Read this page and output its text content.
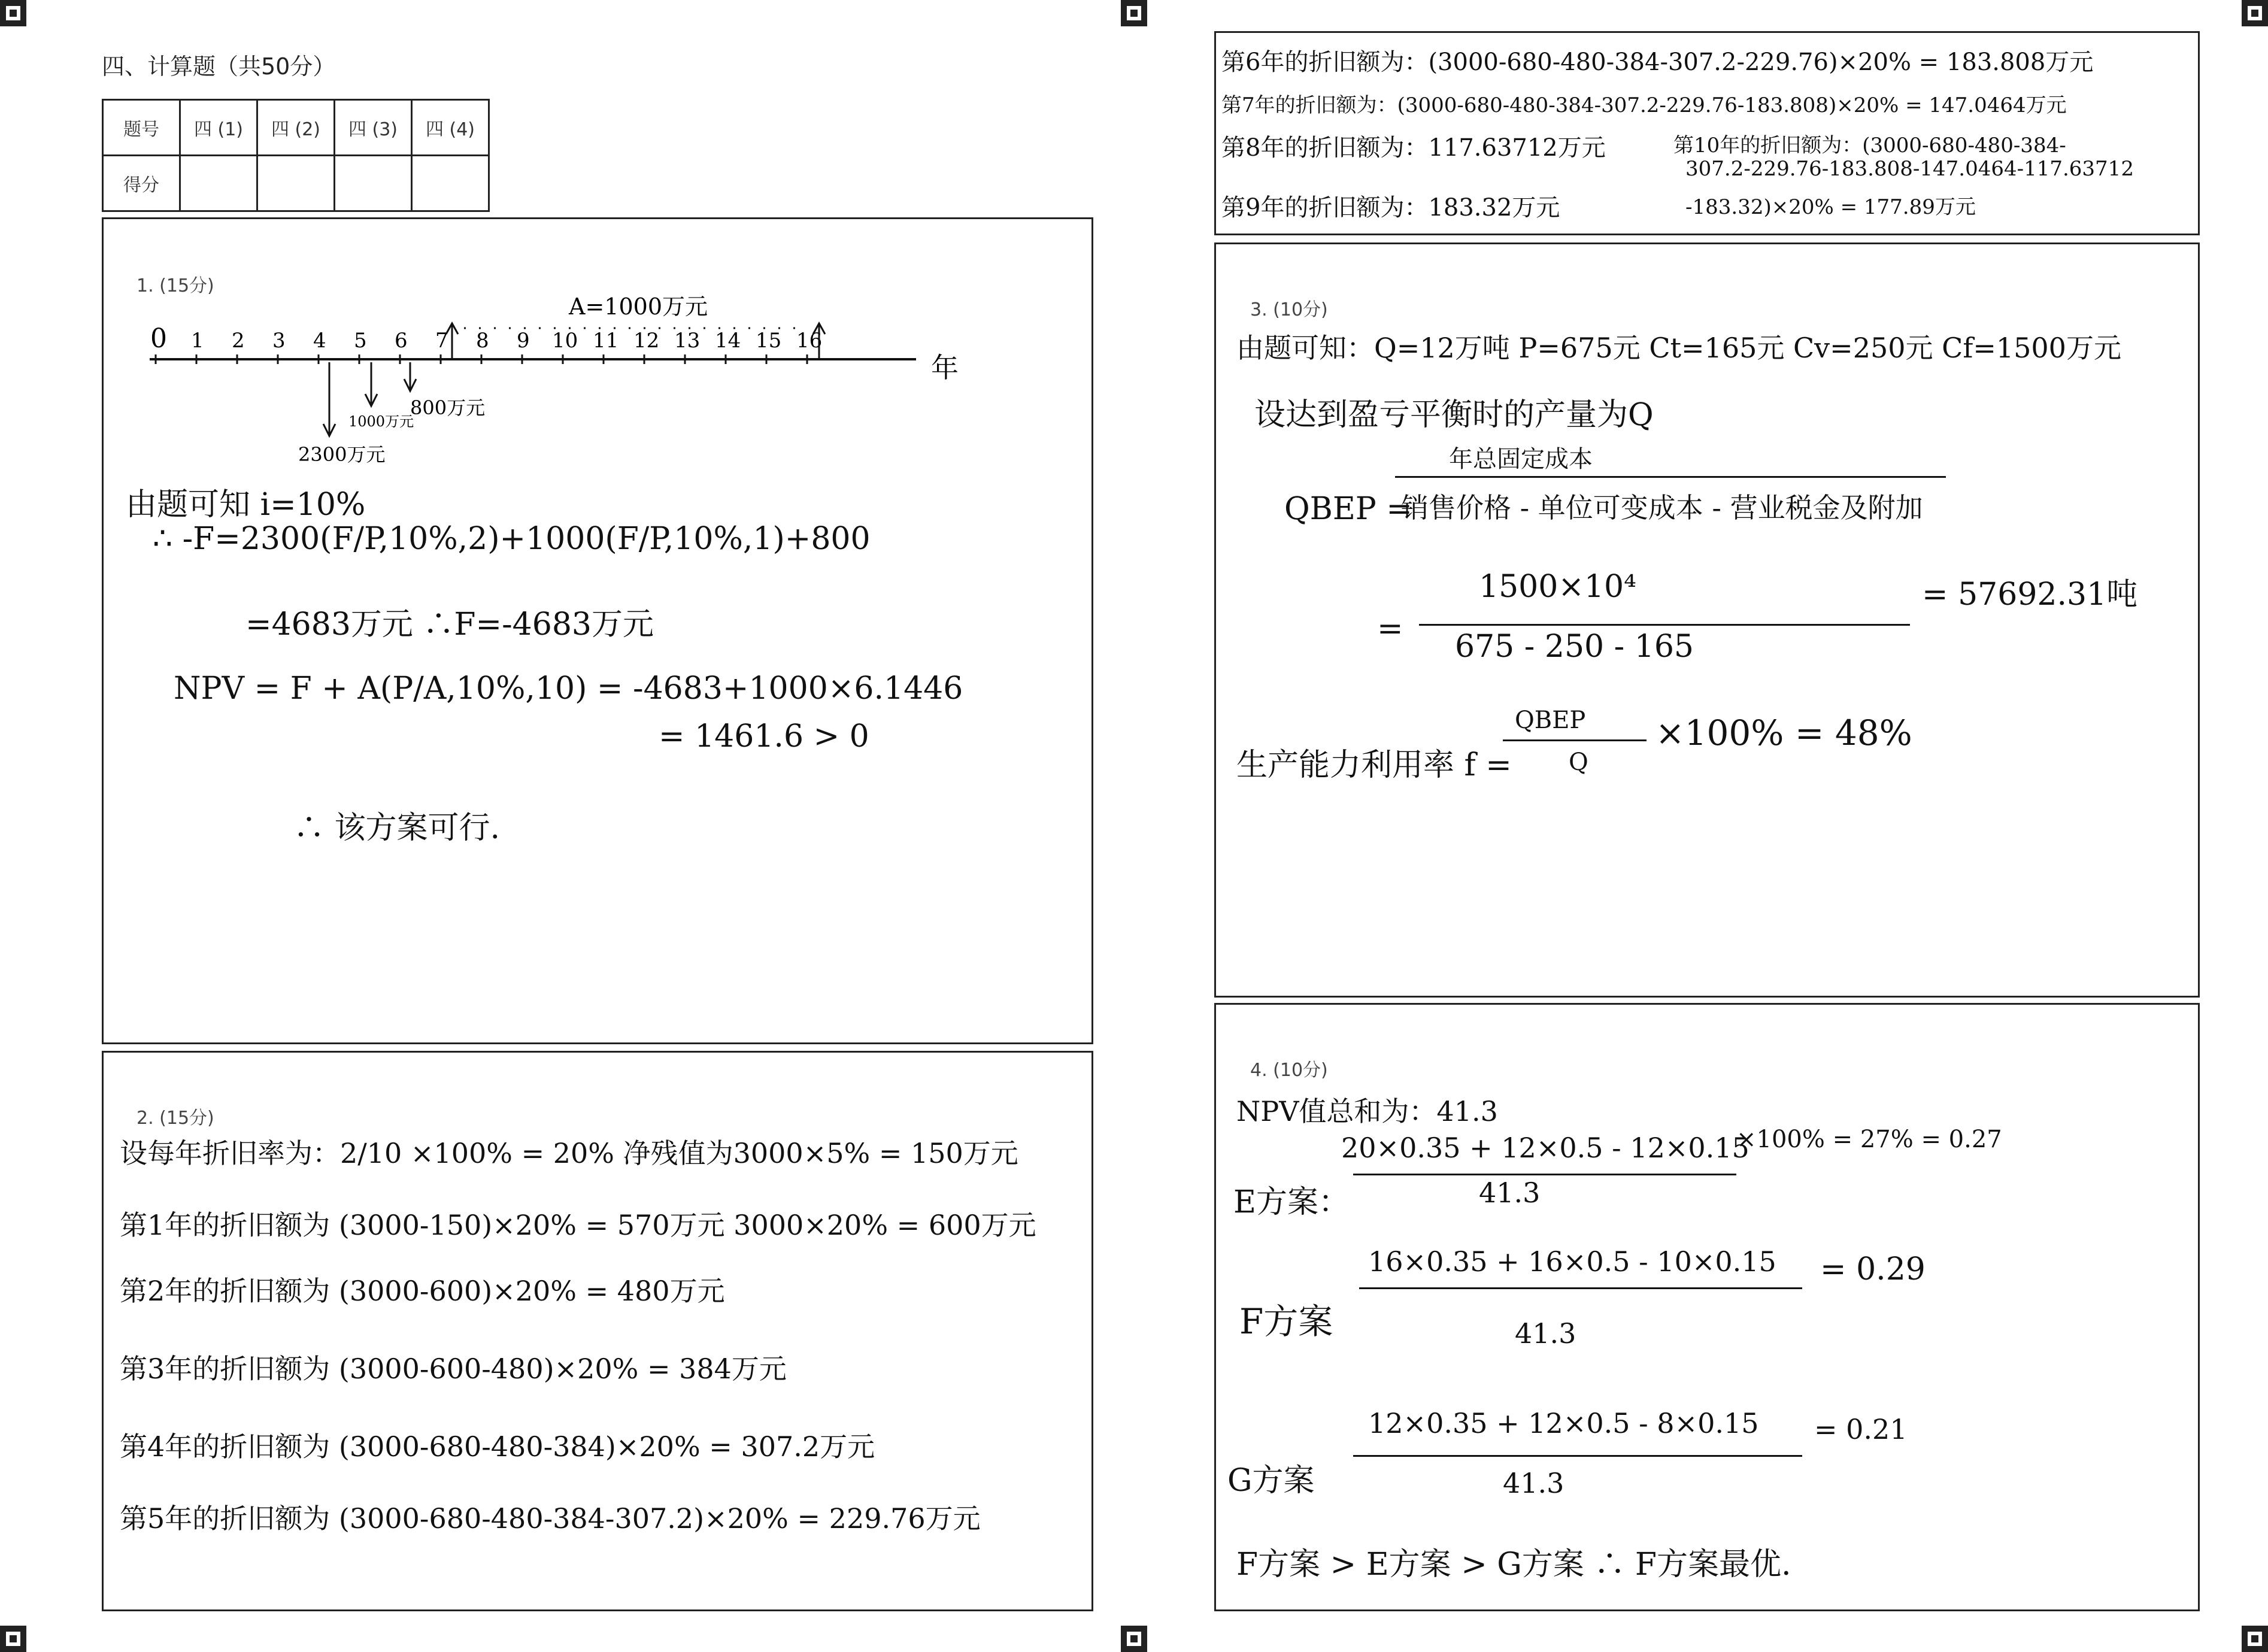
四、计算题（共50分）
题号	四 (1)	四 (2)	四 (3)	四 (4)
得分				
1. (15分)
0 1 2 3 4 5 6 7 8 9 10 11 12 13 14 15 16
A=1000万元
年
2300万元
1000万元
800万元
由题可知 i=10%
∴ -F=2300(F/P,10%,2)+1000(F/P,10%,1)+800
=4683万元 ∴F=-4683万元
NPV = F + A(P/A,10%,10) = -4683+1000×6.1446
= 1461.6 > 0
∴ 该方案可行.
2. (15分)
设每年折旧率为：2/10 ×100% = 20% 净残值为3000×5% = 150万元
第1年的折旧额为 (3000-150)×20% = 570万元 3000×20% = 600万元
第2年的折旧额为 (3000-600)×20% = 480万元
第3年的折旧额为 (3000-600-480)×20% = 384万元
第4年的折旧额为 (3000-680-480-384)×20% = 307.2万元
第5年的折旧额为 (3000-680-480-384-307.2)×20% = 229.76万元
第6年的折旧额为：(3000-680-480-384-307.2-229.76)×20% = 183.808万元
第7年的折旧额为：(3000-680-480-384-307.2-229.76-183.808)×20% = 147.0464万元
第8年的折旧额为：117.63712万元
第9年的折旧额为：183.32万元
第10年的折旧额为：(3000-680-480-384-
307.2-229.76-183.808-147.0464-117.63712
-183.32)×20% = 177.89万元
3. (10分)
由题可知：Q=12万吨 P=675元 Ct=165元 Cv=250元 Cf=1500万元
设达到盈亏平衡时的产量为Q
年总固定成本
QBEP =
销售价格 - 单位可变成本 - 营业税金及附加
1500×10⁴
= 675 - 250 - 165
= 57692.31吨
生产能力利用率 f =
QBEP
Q
×100% = 48%
4. (10分)
NPV值总和为：41.3
E方案：
20×0.35 + 12×0.5 - 12×0.15
41.3
×100% = 27% = 0.27
F方案
16×0.35 + 16×0.5 - 10×0.15
41.3
= 0.29
G方案
12×0.35 + 12×0.5 - 8×0.15
41.3
= 0.21
F方案 > E方案 > G方案 ∴ F方案最优.
